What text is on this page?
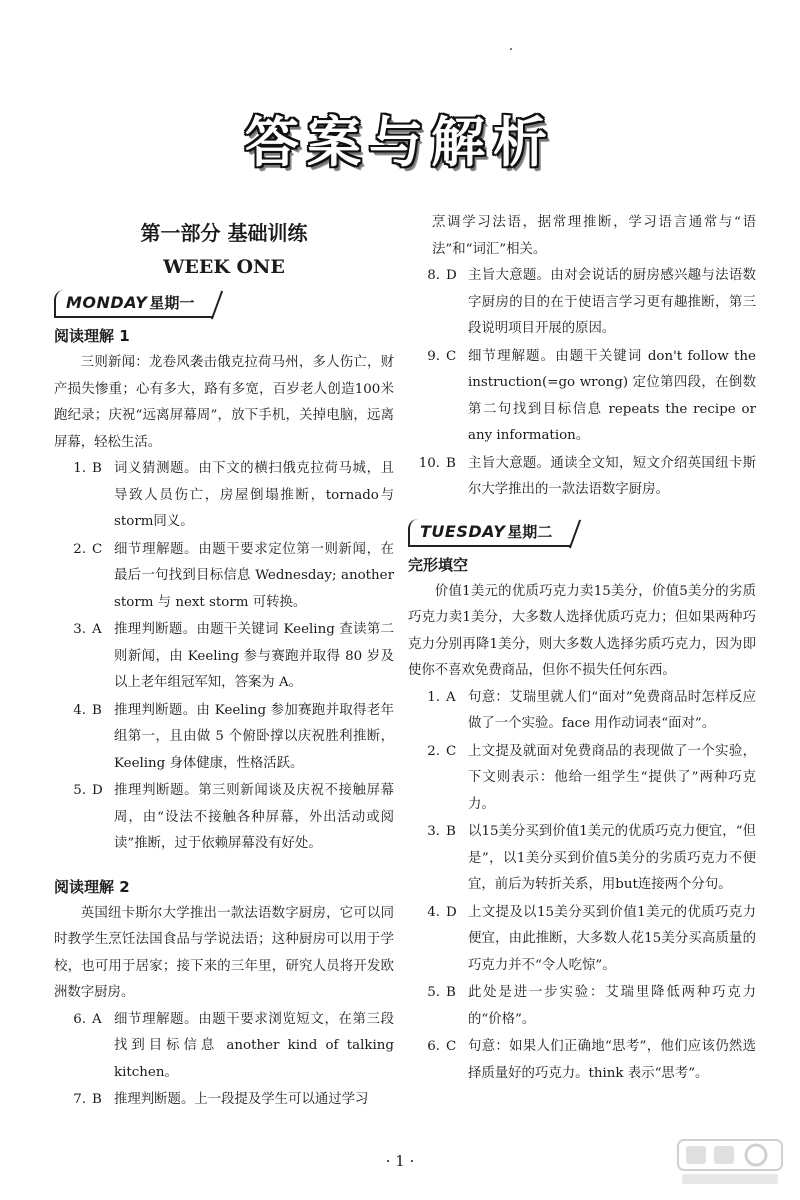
答案与解析
第一部分 基础训练
WEEK ONE
MONDAY 星期一
阅读理解 1

三则新闻：龙卷风袭击俄克拉荷马州，多人伤亡，财产损失惨重；心有多大，路有多宽，百岁老人创造100米跑纪录；庆祝“远离屏幕周”，放下手机，关掉电脑，远离屏幕，轻松生活。

1. B 词义猜测题。由下文的横扫俄克拉荷马城，且导致人员伤亡，房屋倒塌推断，tornado与storm同义。
2. C 细节理解题。由题干要求定位第一则新闻，在最后一句找到目标信息 Wednesday; another storm 与 next storm 可转换。
3. A 推理判断题。由题干关键词 Keeling 查读第二则新闻，由 Keeling 参与赛跑并取得 80 岁及以上老年组冠军知，答案为 A。
4. B 推理判断题。由 Keeling 参加赛跑并取得老年组第一，且由做 5 个俯卧撑以庆祝胜利推断，Keeling 身体健康，性格活跃。
5. D 推理判断题。第三则新闻谈及庆祝不接触屏幕周，由“设法不接触各种屏幕，外出活动或阅读”推断，过于依赖屏幕没有好处。
阅读理解 2

英国纽卡斯尔大学推出一款法语数字厨房，它可以同时教学生烹饪法国食品与学说法语；这种厨房可以用于学校，也可用于居家；接下来的三年里，研究人员将开发欧洲数字厨房。

6. A 细节理解题。由题干要求浏览短文，在第三段找到目标信息 another kind of talking kitchen。
7. B 推理判断题。上一段提及学生可以通过学习

烹调学习法语，据常理推断，学习语言通常与“语法”和“词汇”相关。

8. D 主旨大意题。由对会说话的厨房感兴趣与法语数字厨房的目的在于使语言学习更有趣推断，第三段说明项目开展的原因。
9. C 细节理解题。由题干关键词 don't follow the instruction(=go wrong) 定位第四段，在倒数第二句找到目标信息 repeats the recipe or any information。
10. B 主旨大意题。通读全文知，短文介绍英国纽卡斯尔大学推出的一款法语数字厨房。
TUESDAY 星期二
完形填空

价值1美元的优质巧克力卖15美分，价值5美分的劣质巧克力卖1美分，大多数人选择优质巧克力；但如果两种巧克力分别再降1美分，则大多数人选择劣质巧克力，因为即使你不喜欢免费商品，但你不损失任何东西。

1. A 句意：艾瑞里就人们“面对”免费商品时怎样反应做了一个实验。face 用作动词表“面对”。
2. C 上文提及就面对免费商品的表现做了一个实验，下文则表示：他给一组学生“提供了”两种巧克力。
3. B 以15美分买到价值1美元的优质巧克力便宜，“但是”，以1美分买到价值5美分的劣质巧克力不便宜，前后为转折关系，用but连接两个分句。
4. D 上文提及以15美分买到价值1美元的优质巧克力便宜，由此推断，大多数人花15美分买高质量的巧克力并不“令人吃惊”。
5. B 此处是进一步实验：艾瑞里降低两种巧克力的“价格”。
6. C 句意：如果人们正确地“思考”，他们应该仍然选择质量好的巧克力。think 表示“思考”。
· 1 ·
